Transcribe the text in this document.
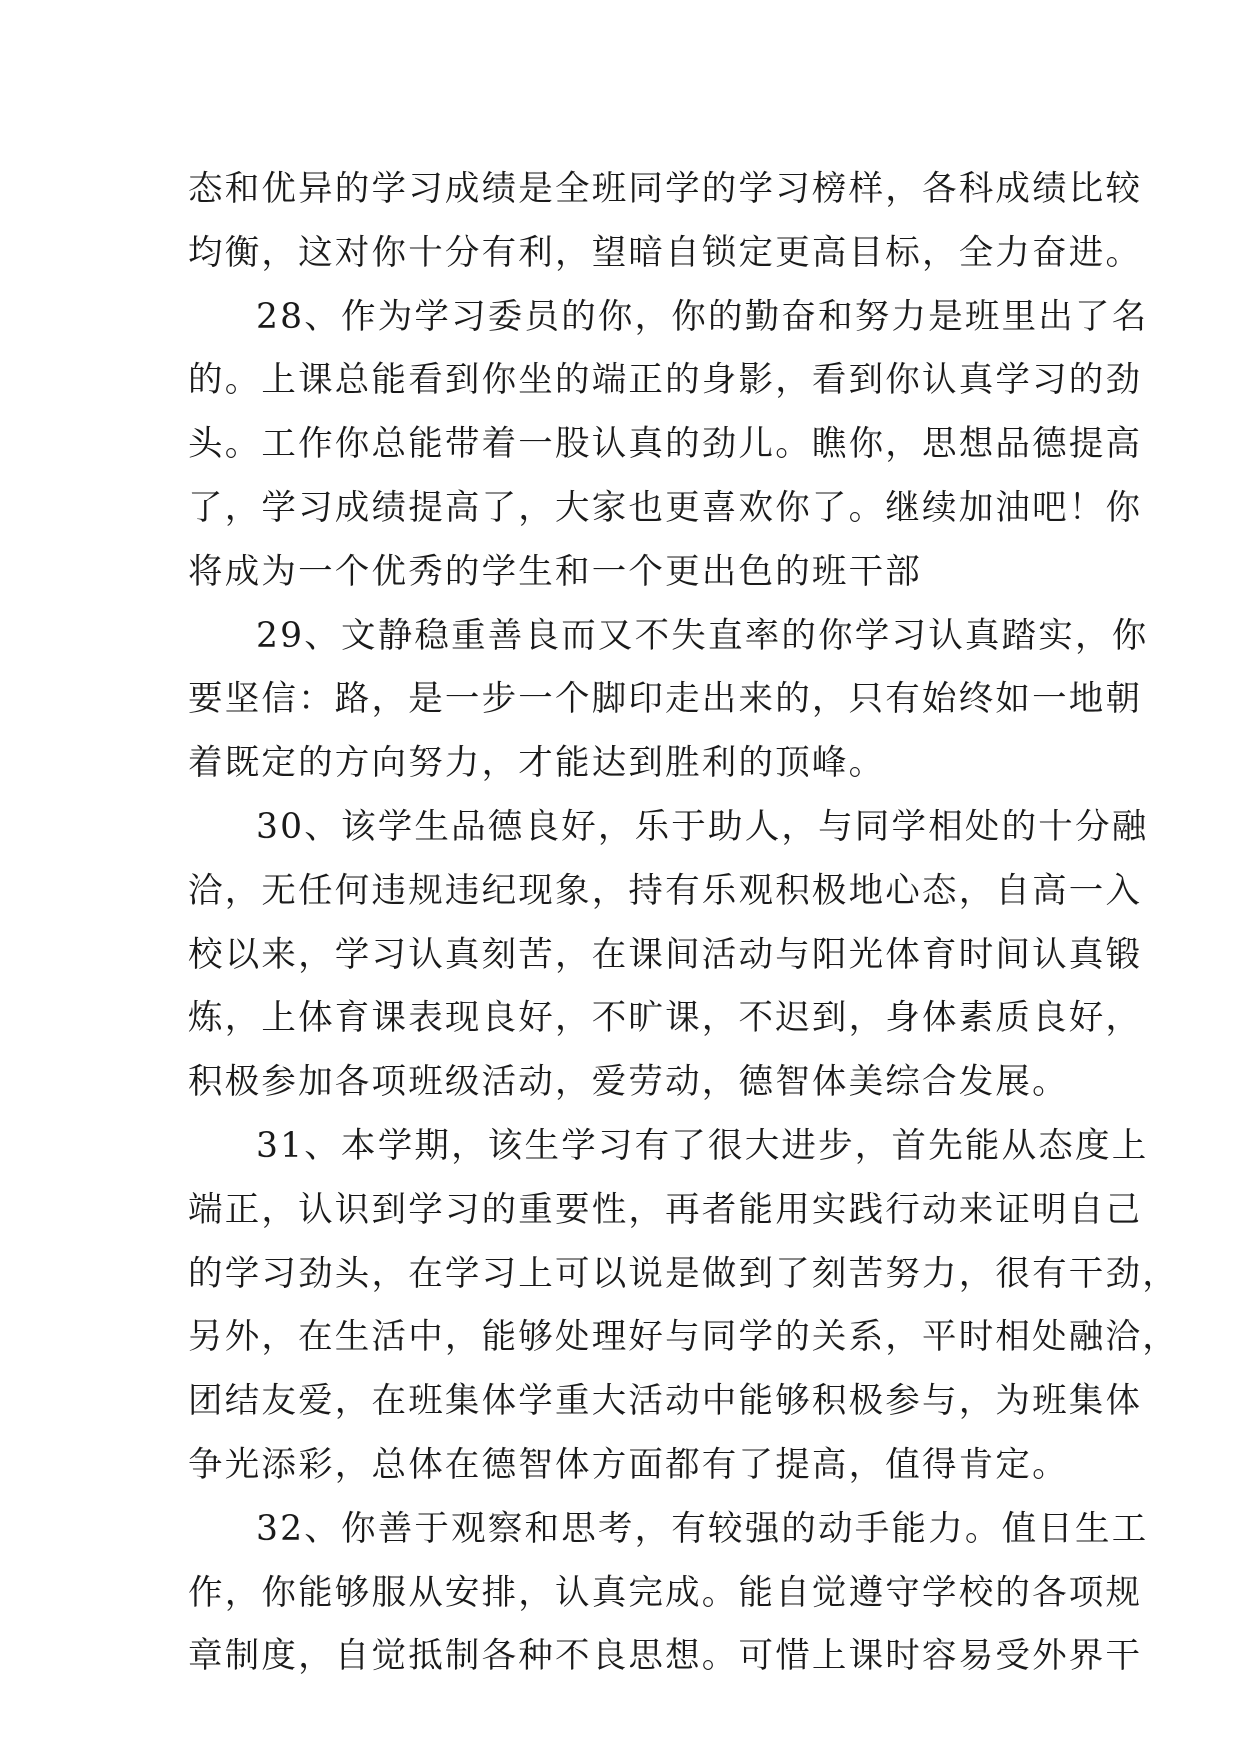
态和优异的学习成绩是全班同学的学习榜样，各科成绩比较
均衡，这对你十分有利，望暗自锁定更高目标，全力奋进。
28、作为学习委员的你，你的勤奋和努力是班里出了名
的。上课总能看到你坐的端正的身影，看到你认真学习的劲
头。工作你总能带着一股认真的劲儿。瞧你，思想品德提高
了，学习成绩提高了，大家也更喜欢你了。继续加油吧！你
将成为一个优秀的学生和一个更出色的班干部
29、文静稳重善良而又不失直率的你学习认真踏实，你
要坚信：路，是一步一个脚印走出来的，只有始终如一地朝
着既定的方向努力，才能达到胜利的顶峰。
30、该学生品德良好，乐于助人，与同学相处的十分融
洽，无任何违规违纪现象，持有乐观积极地心态，自高一入
校以来，学习认真刻苦，在课间活动与阳光体育时间认真锻
炼，上体育课表现良好，不旷课，不迟到，身体素质良好，
积极参加各项班级活动，爱劳动，德智体美综合发展。
31、本学期，该生学习有了很大进步，首先能从态度上
端正，认识到学习的重要性，再者能用实践行动来证明自己
的学习劲头，在学习上可以说是做到了刻苦努力，很有干劲，
另外，在生活中，能够处理好与同学的关系，平时相处融洽，
团结友爱，在班集体学重大活动中能够积极参与，为班集体
争光添彩，总体在德智体方面都有了提高，值得肯定。
32、你善于观察和思考，有较强的动手能力。值日生工
作，你能够服从安排，认真完成。能自觉遵守学校的各项规
章制度，自觉抵制各种不良思想。可惜上课时容易受外界干
